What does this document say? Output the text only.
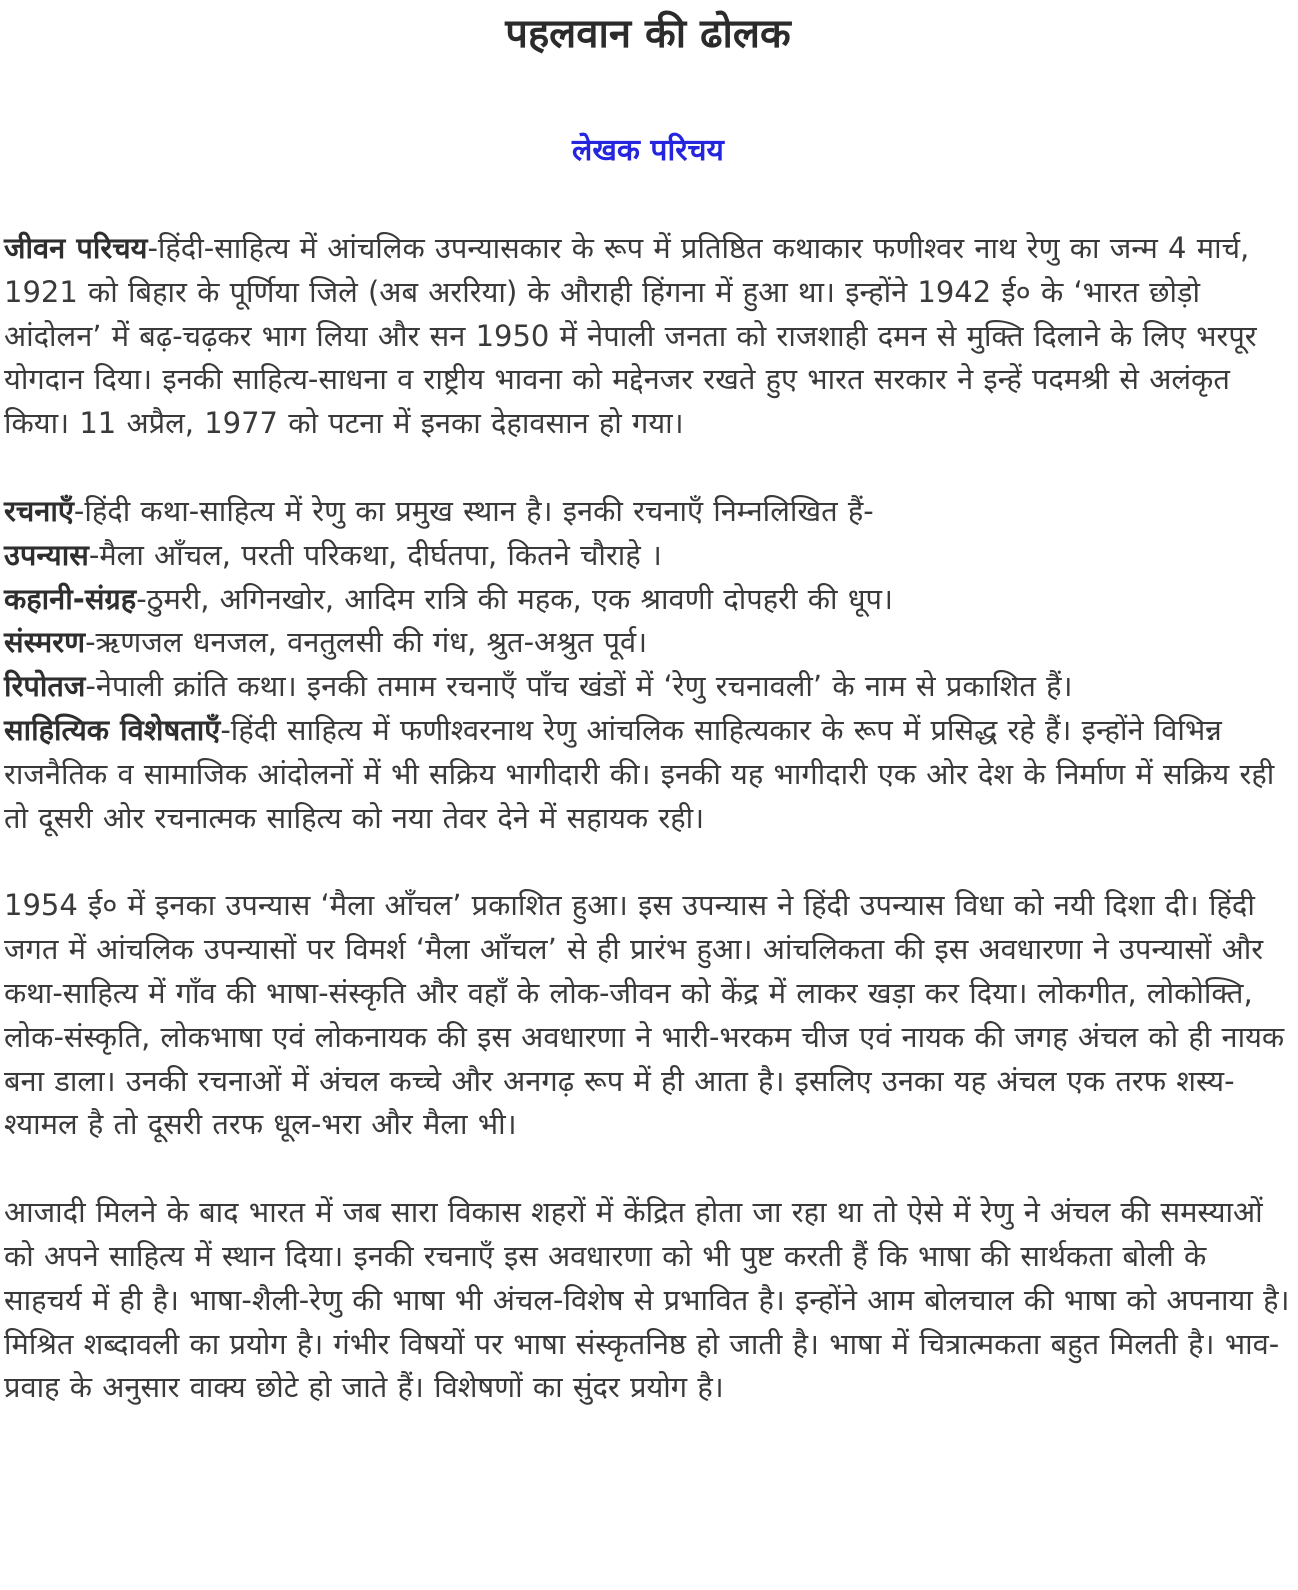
पहलवान की ढोलक
लेखक परिचय

जीवन परिचय-हिंदी-साहित्य में आंचलिक उपन्यासकार के रूप में प्रतिष्ठित कथाकार फणीश्वर नाथ रेणु का जन्म 4 मार्च, 1921 को बिहार के पूर्णिया जिले (अब अररिया) के औराही हिंगना में हुआ था। इन्होंने 1942 ई० के ‘भारत छोड़ो आंदोलन’ में बढ़-चढ़कर भाग लिया और सन 1950 में नेपाली जनता को राजशाही दमन से मुक्ति दिलाने के लिए भरपूर योगदान दिया। इनकी साहित्य-साधना व राष्ट्रीय भावना को मद्देनजर रखते हुए भारत सरकार ने इन्हें पदमश्री से अलंकृत किया। 11 अप्रैल, 1977 को पटना में इनका देहावसान हो गया।

रचनाएँ-हिंदी कथा-साहित्य में रेणु का प्रमुख स्थान है। इनकी रचनाएँ निम्नलिखित हैं-
उपन्यास-मैला आँचल, परती परिकथा, दीर्घतपा, कितने चौराहे ।
कहानी-संग्रह-ठुमरी, अगिनखोर, आदिम रात्रि की महक, एक श्रावणी दोपहरी की धूप।
संस्मरण-ऋणजल धनजल, वनतुलसी की गंध, श्रुत-अश्रुत पूर्व।
रिपोतज-नेपाली क्रांति कथा। इनकी तमाम रचनाएँ पाँच खंडों में ‘रेणु रचनावली’ के नाम से प्रकाशित हैं।
साहित्यिक विशेषताएँ-हिंदी साहित्य में फणीश्वरनाथ रेणु आंचलिक साहित्यकार के रूप में प्रसिद्ध रहे हैं। इन्होंने विभिन्न राजनैतिक व सामाजिक आंदोलनों में भी सक्रिय भागीदारी की। इनकी यह भागीदारी एक ओर देश के निर्माण में सक्रिय रही तो दूसरी ओर रचनात्मक साहित्य को नया तेवर देने में सहायक रही।

1954 ई० में इनका उपन्यास ‘मैला आँचल’ प्रकाशित हुआ। इस उपन्यास ने हिंदी उपन्यास विधा को नयी दिशा दी। हिंदी जगत में आंचलिक उपन्यासों पर विमर्श ‘मैला आँचल’ से ही प्रारंभ हुआ। आंचलिकता की इस अवधारणा ने उपन्यासों और कथा-साहित्य में गाँव की भाषा-संस्कृति और वहाँ के लोक-जीवन को केंद्र में लाकर खड़ा कर दिया। लोकगीत, लोकोक्ति, लोक-संस्कृति, लोकभाषा एवं लोकनायक की इस अवधारणा ने भारी-भरकम चीज एवं नायक की जगह अंचल को ही नायक बना डाला। उनकी रचनाओं में अंचल कच्चे और अनगढ़ रूप में ही आता है। इसलिए उनका यह अंचल एक तरफ शस्य-श्यामल है तो दूसरी तरफ धूल-भरा और मैला भी।

आजादी मिलने के बाद भारत में जब सारा विकास शहरों में केंद्रित होता जा रहा था तो ऐसे में रेणु ने अंचल की समस्याओं को अपने साहित्य में स्थान दिया। इनकी रचनाएँ इस अवधारणा को भी पुष्ट करती हैं कि भाषा की सार्थकता बोली के साहचर्य में ही है। भाषा-शैली-रेणु की भाषा भी अंचल-विशेष से प्रभावित है। इन्होंने आम बोलचाल की भाषा को अपनाया है। मिश्रित शब्दावली का प्रयोग है। गंभीर विषयों पर भाषा संस्कृतनिष्ठ हो जाती है। भाषा में चित्रात्मकता बहुत मिलती है। भाव-प्रवाह के अनुसार वाक्य छोटे हो जाते हैं। विशेषणों का सुंदर प्रयोग है।
